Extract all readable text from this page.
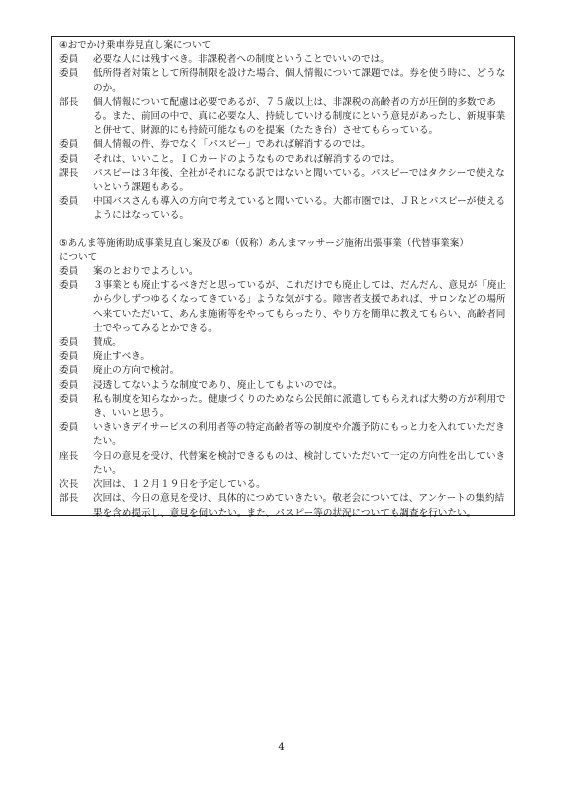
④おでかけ乗車券見直し案について
委員	必要な人には残すべき。非課税者への制度ということでいいのでは。
委員	低所得者対策として所得制限を設けた場合、個人情報について課題では。券を使う時に、どうなのか。
部長	個人情報について配慮は必要であるが、７５歳以上は、非課税の高齢者の方が圧倒的多数である。また、前回の中で、真に必要な人、持続していける制度にという意見があったし、新規事業と併せて、財源的にも持続可能なものを提案（たたき台）させてもらっている。
委員	個人情報の件、券でなく「パスピー」であれば解消するのでは。
委員	それは、いいこと。ＩＣカードのようなものであれば解消するのでは。
課長	パスピーは３年後、全社がそれになる訳ではないと聞いている。パスピーではタクシーで使えないという課題もある。
委員	中国バスさんも導入の方向で考えていると聞いている。大都市圏では、ＪＲとパスピーが使えるようにはなっている。
⑤あんま等施術助成事業見直し案及び⑥（仮称）あんまマッサージ施術出張事業（代替事業案）
について
委員	案のとおりでよろしい。
委員	３事業とも廃止するべきだと思っているが、これだけでも廃止しては、だんだん、意見が「廃止から少しずつゆるくなってきている」ような気がする。障害者支援であれば、サロンなどの場所へ来ていただいて、あんま施術等をやってもらったり、やり方を簡単に教えてもらい、高齢者同士でやってみるとかできる。
委員	賛成。
委員	廃止すべき。
委員	廃止の方向で検討。
委員	浸透してないような制度であり、廃止してもよいのでは。
委員	私も制度を知らなかった。健康づくりのためなら公民館に派遣してもらえれば大勢の方が利用でき、いいと思う。
委員	いきいきデイサービスの利用者等の特定高齢者等の制度や介護予防にもっと力を入れていただきたい。
座長	今日の意見を受け、代替案を検討できるものは、検討していただいて一定の方向性を出していきたい。
次長	次回は、１２月１９日を予定している。
部長	次回は、今日の意見を受け、具体的につめていきたい。敬老会については、アンケートの集約結果を含め提示し、意見を伺いたい。また、パスピー等の状況についても調査を行いたい。
4
